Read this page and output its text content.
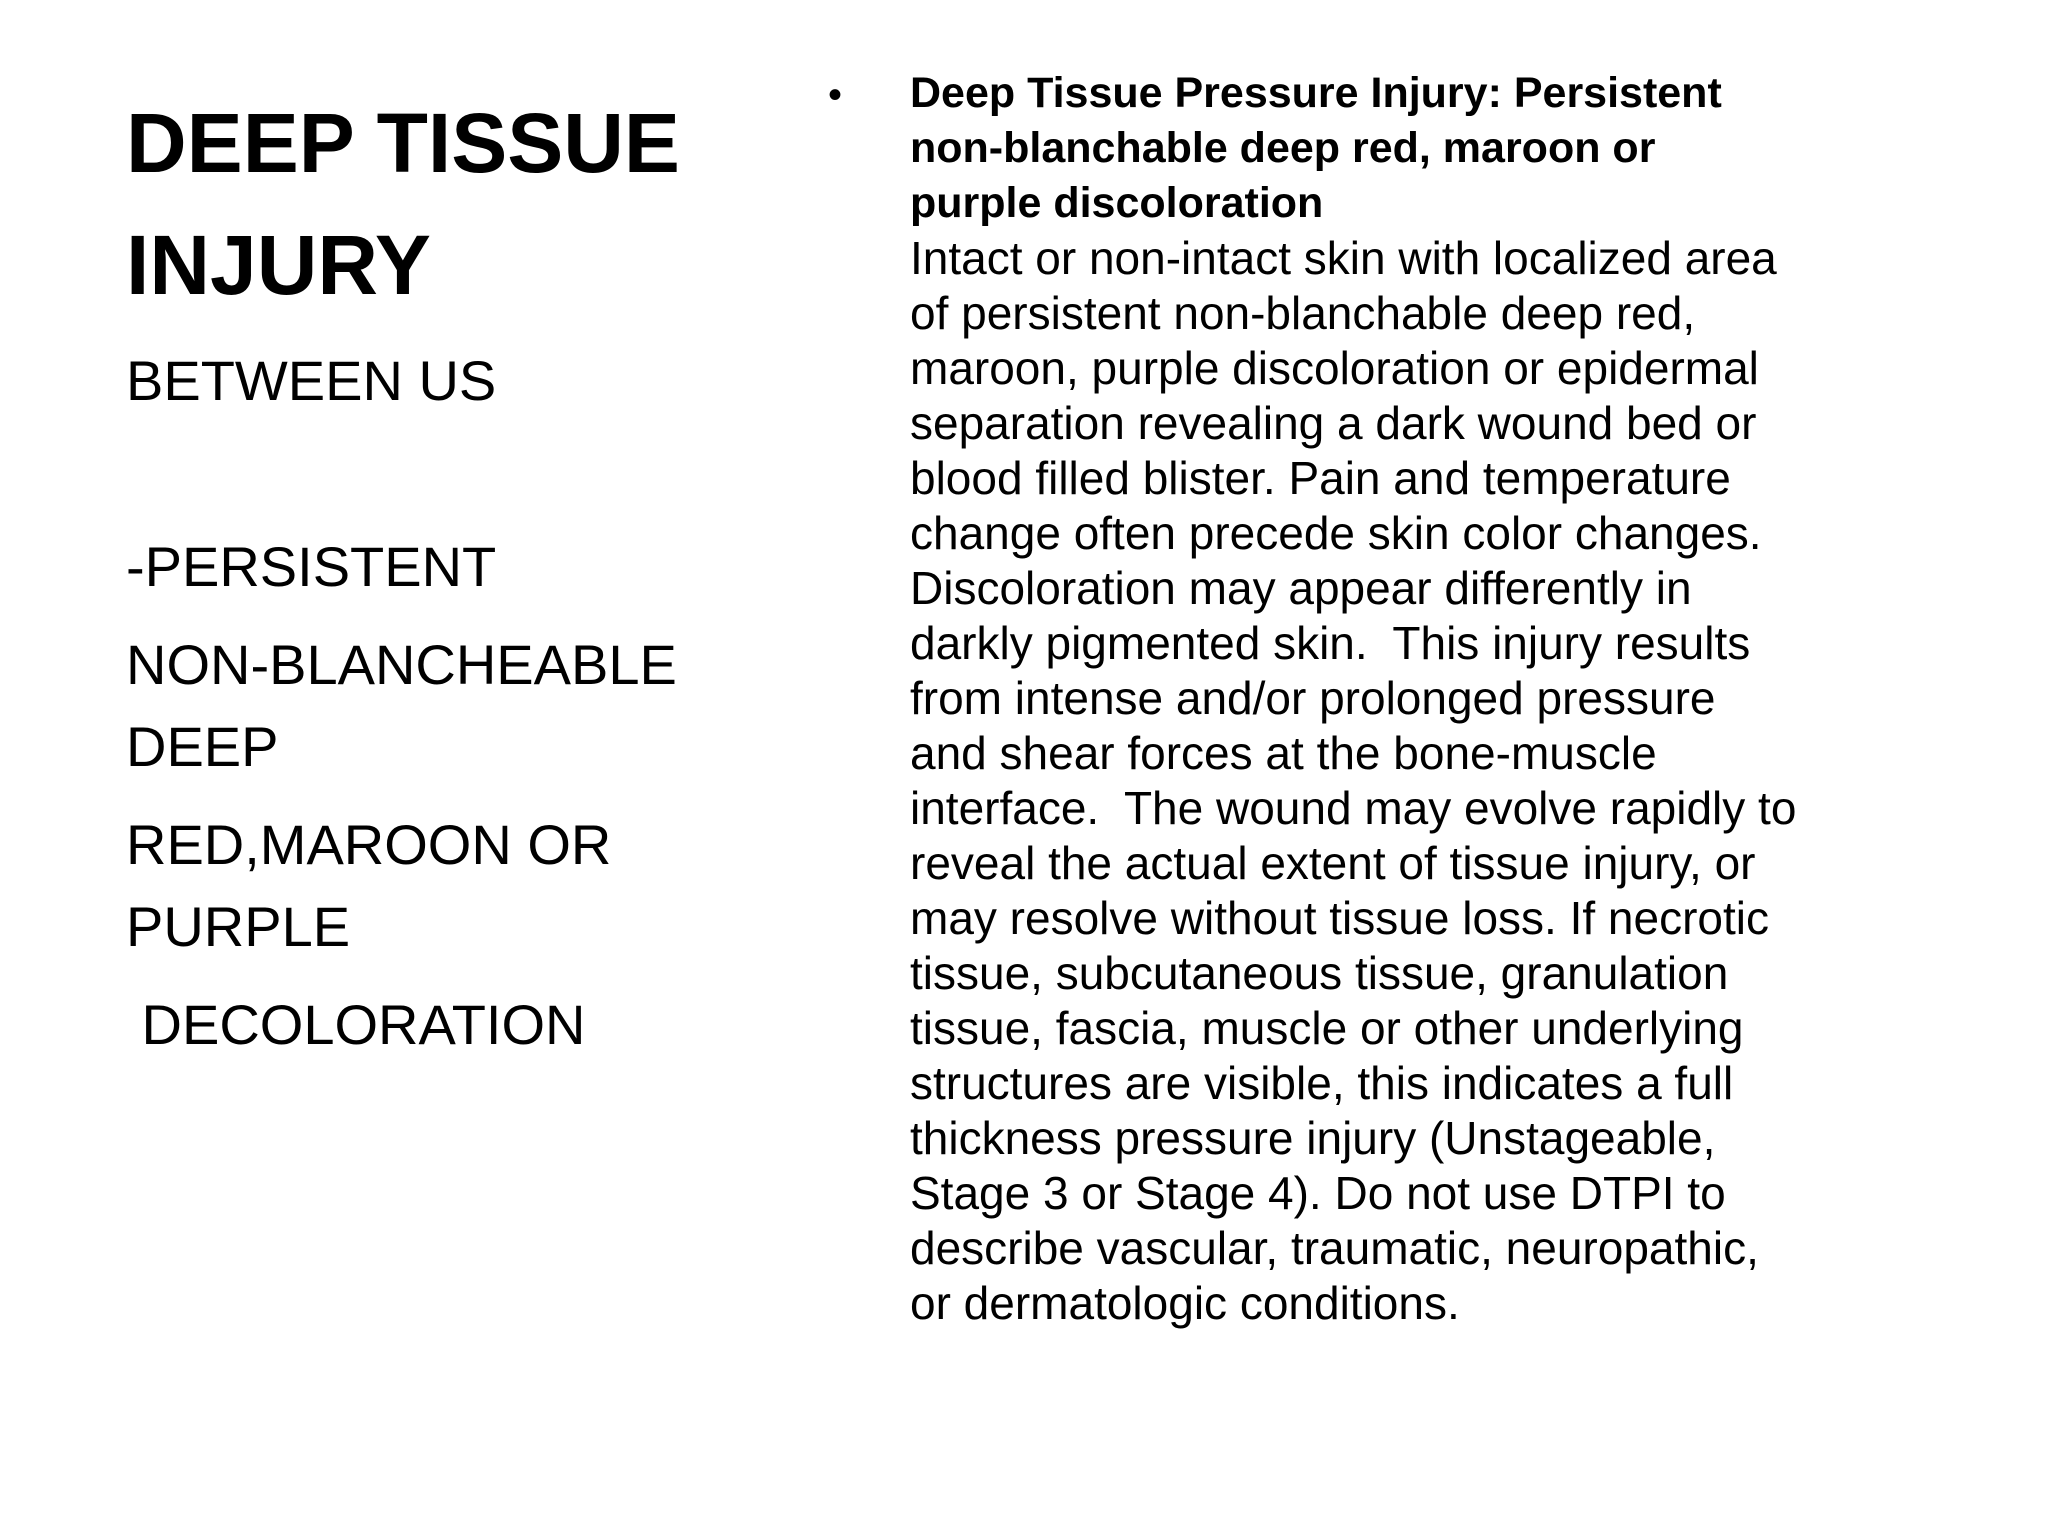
DEEP TISSUE
INJURY
BETWEEN US
-PERSISTENT
NON-BLANCHEABLE
DEEP
RED,MAROON OR
PURPLE
DECOLORATION
• Deep Tissue Pressure Injury: Persistent
non-blanchable deep red, maroon or
purple discoloration

Intact or non-intact skin with localized area
of persistent non-blanchable deep red,
maroon, purple discoloration or epidermal
separation revealing a dark wound bed or
blood filled blister. Pain and temperature
change often precede skin color changes.
Discoloration may appear differently in
darkly pigmented skin.  This injury results
from intense and/or prolonged pressure
and shear forces at the bone-muscle
interface.  The wound may evolve rapidly to
reveal the actual extent of tissue injury, or
may resolve without tissue loss. If necrotic
tissue, subcutaneous tissue, granulation
tissue, fascia, muscle or other underlying
structures are visible, this indicates a full
thickness pressure injury (Unstageable,
Stage 3 or Stage 4). Do not use DTPI to
describe vascular, traumatic, neuropathic,
or dermatologic conditions.
